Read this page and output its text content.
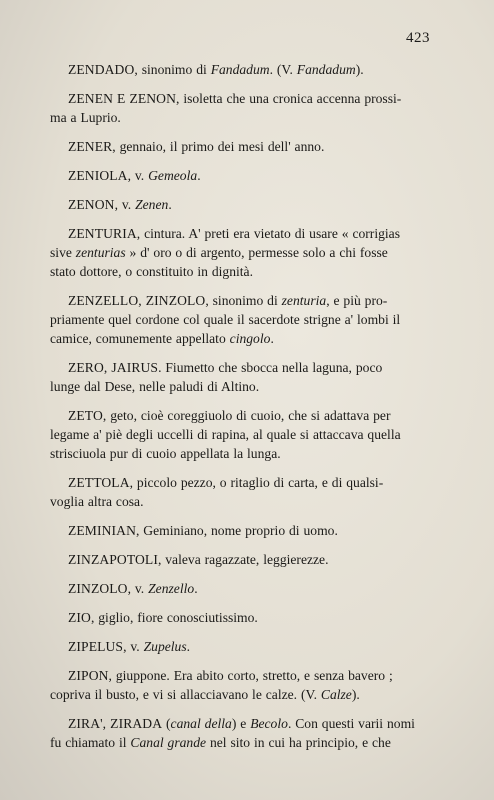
423

ZENDADO, sinonimo di Fandadum. (V. Fandadum).

ZENEN E ZENON, isoletta che una cronica accenna prossi-
ma a Luprio.

ZENER, gennaio, il primo dei mesi dell' anno.

ZENIOLA, v. Gemeola.

ZENON, v. Zenen.

ZENTURIA, cintura. A' preti era vietato di usare « corrigias
sive zenturias » d' oro o di argento, permesse solo a chi fosse
stato dottore, o constituito in dignità.

ZENZELLO, ZINZOLO, sinonimo di zenturia, e più pro-
priamente quel cordone col quale il sacerdote strigne a' lombi il
camice, comunemente appellato cingolo.

ZERO, JAIRUS. Fiumetto che sbocca nella laguna, poco
lunge dal Dese, nelle paludi di Altino.

ZETO, geto, cioè coreggiuolo di cuoio, che si adattava per
legame a' piè degli uccelli di rapina, al quale si attaccava quella
strisciuola pur di cuoio appellata la lunga.

ZETTOLA, piccolo pezzo, o ritaglio di carta, e di qualsi-
voglia altra cosa.

ZEMINIAN, Geminiano, nome proprio di uomo.

ZINZAPOTOLI, valeva ragazzate, leggierezze.

ZINZOLO, v. Zenzello.

ZIO, giglio, fiore conosciutissimo.

ZIPELUS, v. Zupelus.

ZIPON, giuppone. Era abito corto, stretto, e senza bavero ;
copriva il busto, e vi si allacciavano le calze. (V. Calze).

ZIRA', ZIRADA (canal della) e Becolo. Con questi varii nomi
fu chiamato il Canal grande nel sito in cui ha principio, e che
